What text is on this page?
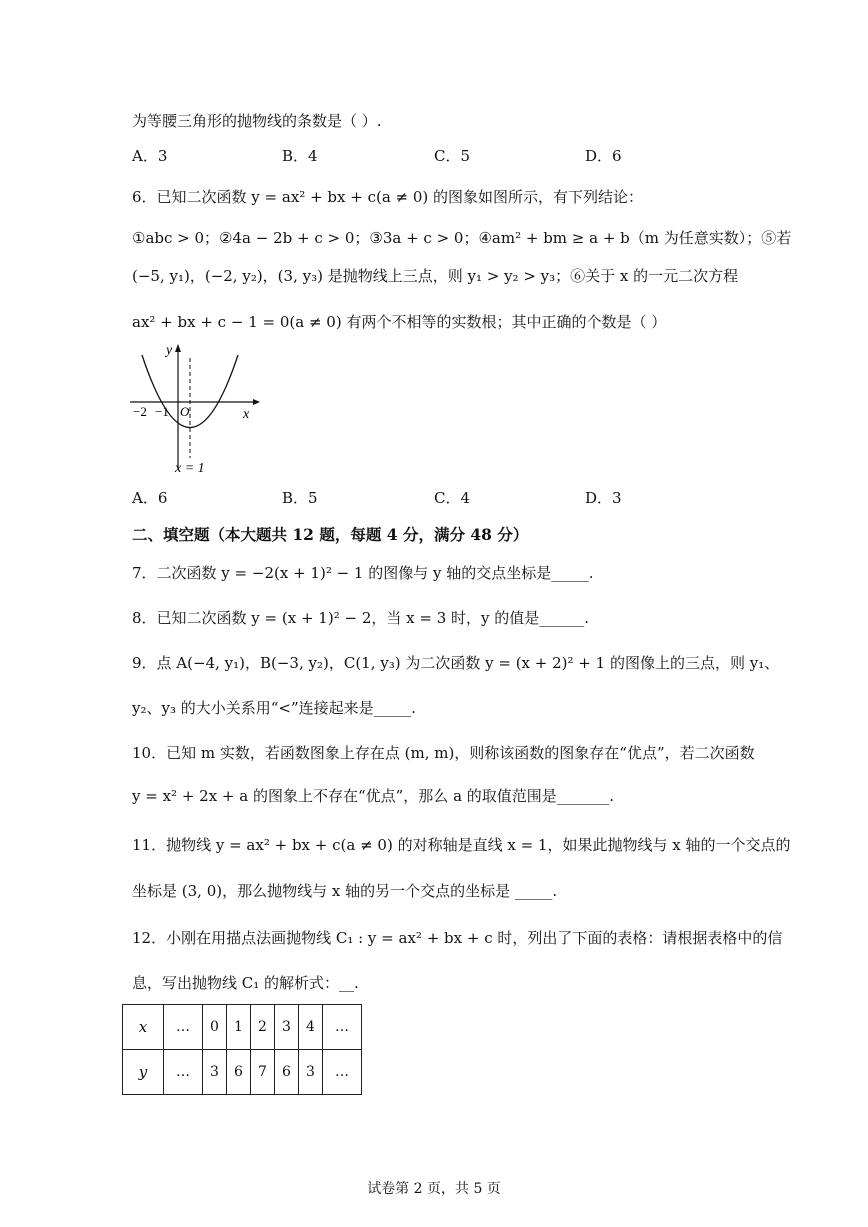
为等腰三角形的抛物线的条数是（ ）.
A．3	B．4	C．5	D．6
6．已知二次函数 y = ax² + bx + c(a ≠ 0) 的图象如图所示，有下列结论：
①abc > 0；②4a − 2b + c > 0；③3a + c > 0；④am² + bm ≥ a + b（m 为任意实数）；⑤若
(−5, y₁)，(−2, y₂)，(3, y₃) 是抛物线上三点，则 y₁ > y₂ > y₃；⑥关于 x 的一元二次方程
ax² + bx + c − 1 = 0(a ≠ 0) 有两个不相等的实数根；其中正确的个数是（ ）
y
x
O
−2 −1
x = 1
A．6	B．5	C．4	D．3
二、填空题（本大题共 12 题，每题 4 分，满分 48 分）
7．二次函数 y = −2(x + 1)² − 1 的图像与 y 轴的交点坐标是_____.
8．已知二次函数 y = (x + 1)² − 2，当 x = 3 时，y 的值是______.
9．点 A(−4, y₁)，B(−3, y₂)，C(1, y₃) 为二次函数 y = (x + 2)² + 1 的图像上的三点，则 y₁、
y₂、y₃ 的大小关系用“<”连接起来是_____.
10．已知 m 实数，若函数图象上存在点 (m, m)，则称该函数的图象存在“优点”，若二次函数
y = x² + 2x + a 的图象上不存在“优点”，那么 a 的取值范围是_______.
11．抛物线 y = ax² + bx + c(a ≠ 0) 的对称轴是直线 x = 1，如果此抛物线与 x 轴的一个交点的
坐标是 (3, 0)，那么抛物线与 x 轴的另一个交点的坐标是 _____.
12．小刚在用描点法画抛物线 C₁ : y = ax² + bx + c 时，列出了下面的表格：请根据表格中的信
息，写出抛物线 C₁ 的解析式：__.
x	…	0	1	2	3	4	…
y	…	3	6	7	6	3	…
试卷第 2 页，共 5 页
